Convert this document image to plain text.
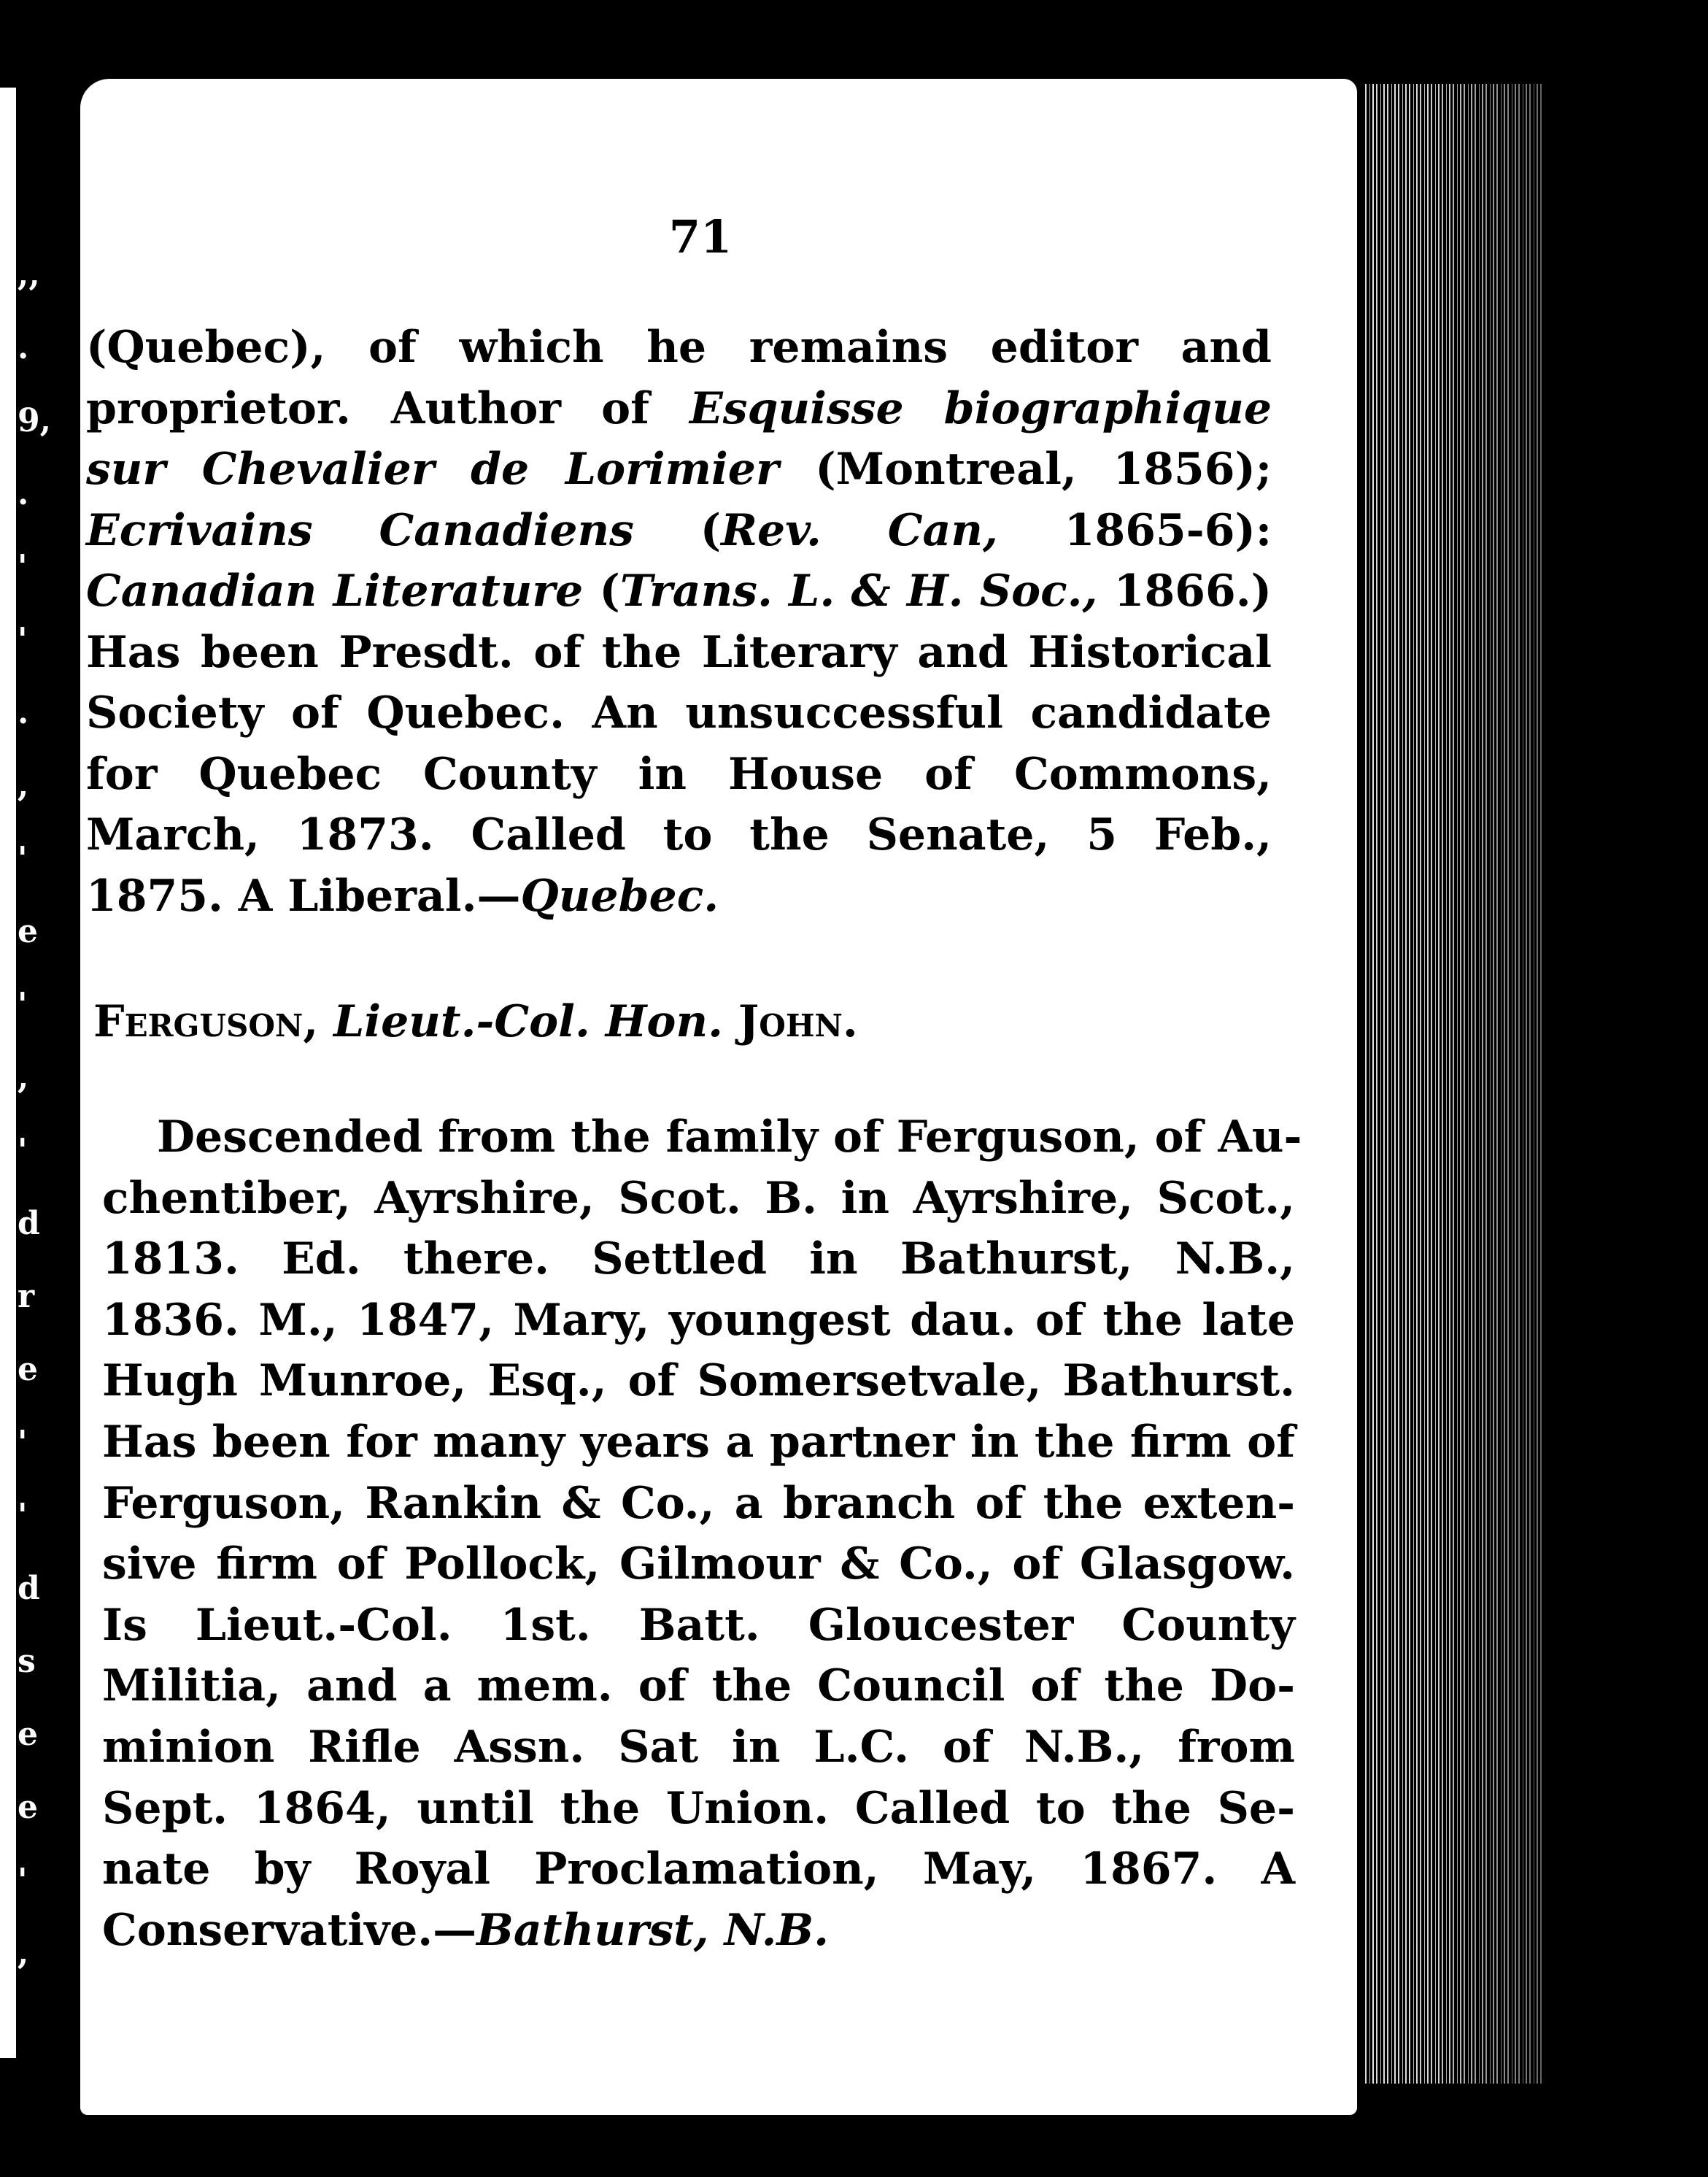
,,
.
9,
.
'
'
.
,
'
e
'
,
'
d
r
e
'
'
d
s
e
e
'
,
71
(Quebec), of which he remains editor and
proprietor. Author of Esquisse biographique
sur Chevalier de Lorimier (Montreal, 1856);
Ecrivains Canadiens (Rev. Can, 1865-6):
Canadian Literature (Trans. L. & H. Soc., 1866.)
Has been Presdt. of the Literary and Historical
Society of Quebec. An unsuccessful candidate
for Quebec County in House of Commons,
March, 1873. Called to the Senate, 5 Feb.,
1875. A Liberal.—Quebec.
Ferguson, Lieut.-Col. Hon. John.
Descended from the family of Ferguson, of Au-
chentiber, Ayrshire, Scot. B. in Ayrshire, Scot.,
1813. Ed. there. Settled in Bathurst, N.B.,
1836. M., 1847, Mary, youngest dau. of the late
Hugh Munroe, Esq., of Somersetvale, Bathurst.
Has been for many years a partner in the firm of
Ferguson, Rankin & Co., a branch of the exten-
sive firm of Pollock, Gilmour & Co., of Glasgow.
Is Lieut.-Col. 1st. Batt. Gloucester County
Militia, and a mem. of the Council of the Do-
minion Rifle Assn. Sat in L.C. of N.B., from
Sept. 1864, until the Union. Called to the Se-
nate by Royal Proclamation, May, 1867. A
Conservative.—Bathurst, N.B.
